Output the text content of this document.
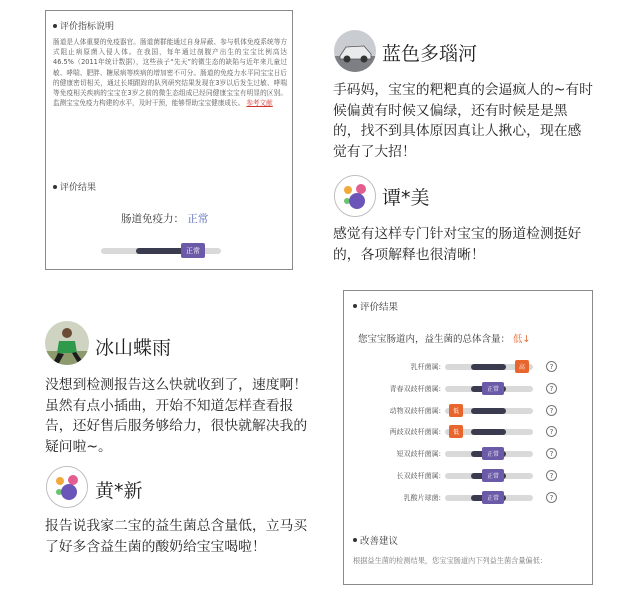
评价指标说明
肠道是人体重要的免疫器官。肠道菌群能通过自身屏蔽、参与机体免疫系统等方式阻止病原菌入侵人体。在我国，每年通过剖腹产出生的宝宝比例高达46.5%（2011年统计数据），这些孩子“先天”的微生态的缺陷与近年来儿童过敏、哮喘、肥胖、糖尿病等疾病的增加密不可分。肠道的免疫力水平同宝宝日后的健康密切相关，通过长期跟踪的队列研究结果发现在3岁以后发生过敏、哮喘等免疫相关疾病的宝宝在3岁之前的微生态组成已经同健康宝宝有明显的区别。监测宝宝免疫力构建的水平，及时干预，能够帮助宝宝健康成长。 参考文献
评价结果
肠道免疫力： 正常
正常
蓝色多瑙河
手码妈，宝宝的粑粑真的会逼疯人的~有时候偏黄有时候又偏绿，还有时候是是黑的，找不到具体原因真让人揪心，现在感觉有了大招！
谭*美
感觉有这样专门针对宝宝的肠道检测挺好的，各项解释也很清晰！
冰山蝶雨
没想到检测报告这么快就收到了，速度啊！虽然有点小插曲，开始不知道怎样查看报告，还好售后服务够给力，很快就解决我的疑问啦~。
黄*新
报告说我家二宝的益生菌总含量低，立马买了好多含益生菌的酸奶给宝宝喝啦！
评价结果
您宝宝肠道内，益生菌的总体含量： 低↓
乳杆菌属:	高	?
青春双歧杆菌属:	正常	?
动物双歧杆菌属:	低	?
两歧双歧杆菌属:	低	?
短双歧杆菌属:	正常	?
长双歧杆菌属:	正常	?
乳酸片球菌:	正常	?
改善建议
根据益生菌的检测结果，您宝宝肠道内下列益生菌含量偏低：
